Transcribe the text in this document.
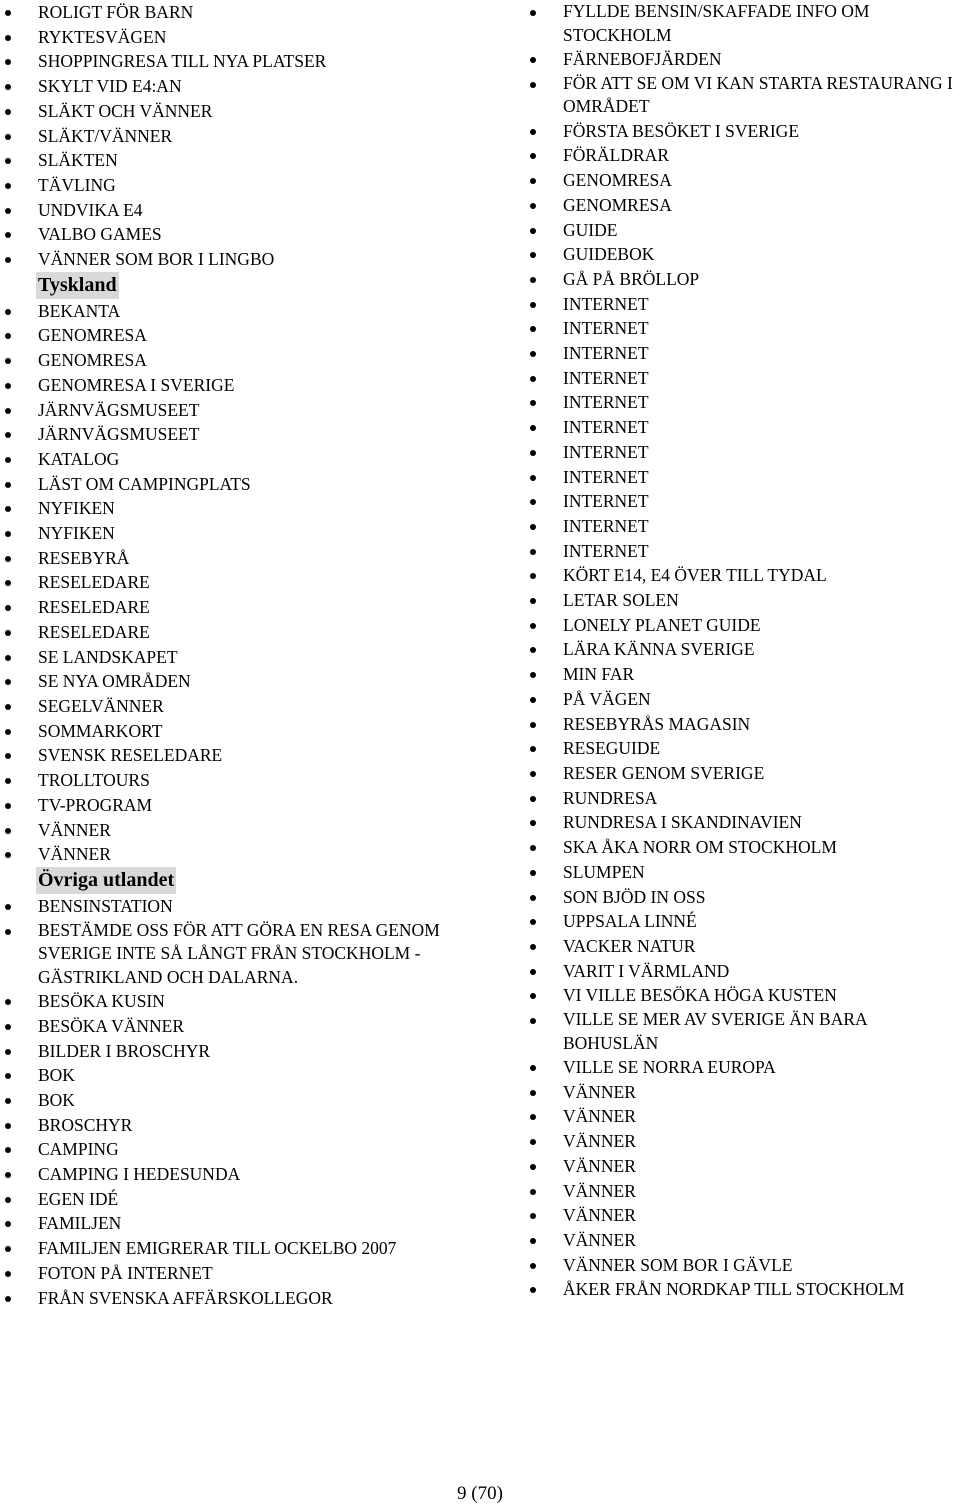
ROLIGT FÖR BARN
RYKTESVÄGEN
SHOPPINGRESA TILL NYA PLATSER
SKYLT VID E4:AN
SLÄKT OCH VÄNNER
SLÄKT/VÄNNER
SLÄKTEN
TÄVLING
UNDVIKA E4
VALBO GAMES
VÄNNER SOM BOR I LINGBO
Tyskland
BEKANTA
GENOMRESA
GENOMRESA
GENOMRESA I SVERIGE
JÄRNVÄGSMUSEET
JÄRNVÄGSMUSEET
KATALOG
LÄST OM CAMPINGPLATS
NYFIKEN
NYFIKEN
RESEBYRÅ
RESELEDARE
RESELEDARE
RESELEDARE
SE LANDSKAPET
SE NYA OMRÅDEN
SEGELVÄNNER
SOMMARKORT
SVENSK RESELEDARE
TROLLTOURS
TV-PROGRAM
VÄNNER
VÄNNER
Övriga utlandet
BENSINSTATION
BESTÄMDE OSS FÖR ATT GÖRA EN RESA GENOM SVERIGE INTE SÅ LÅNGT FRÅN STOCKHOLM - GÄSTRIKLAND OCH DALARNA.
BESÖKA KUSIN
BESÖKA VÄNNER
BILDER I BROSCHYR
BOK
BOK
BROSCHYR
CAMPING
CAMPING I HEDESUNDA
EGEN IDÉ
FAMILJEN
FAMILJEN EMIGRERAR TILL OCKELBO 2007
FOTON PÅ INTERNET
FRÅN SVENSKA AFFÄRSKOLLEGOR
FYLLDE BENSIN/SKAFFADE INFO OM STOCKHOLM
FÄRNEBOFJÄRDEN
FÖR ATT SE OM VI KAN STARTA RESTAURANG I OMRÅDET
FÖRSTA BESÖKET I SVERIGE
FÖRÄLDRAR
GENOMRESA
GENOMRESA
GUIDE
GUIDEBOK
GÅ PÅ BRÖLLOP
INTERNET
INTERNET
INTERNET
INTERNET
INTERNET
INTERNET
INTERNET
INTERNET
INTERNET
INTERNET
INTERNET
KÖRT E14, E4 ÖVER TILL TYDAL
LETAR SOLEN
LONELY PLANET GUIDE
LÄRA KÄNNA SVERIGE
MIN FAR
PÅ VÄGEN
RESEBYRÅS MAGASIN
RESEGUIDE
RESER GENOM SVERIGE
RUNDRESA
RUNDRESA I SKANDINAVIEN
SKA ÅKA NORR OM STOCKHOLM
SLUMPEN
SON BJÖD IN OSS
UPPSALA LINNÉ
VACKER NATUR
VARIT I VÄRMLAND
VI VILLE BESÖKA HÖGA KUSTEN
VILLE SE MER AV SVERIGE ÄN BARA BOHUSLÄN
VILLE SE NORRA EUROPA
VÄNNER
VÄNNER
VÄNNER
VÄNNER
VÄNNER
VÄNNER
VÄNNER
VÄNNER SOM BOR I GÄVLE
ÅKER FRÅN NORDKAP TILL STOCKHOLM
9 (70)
